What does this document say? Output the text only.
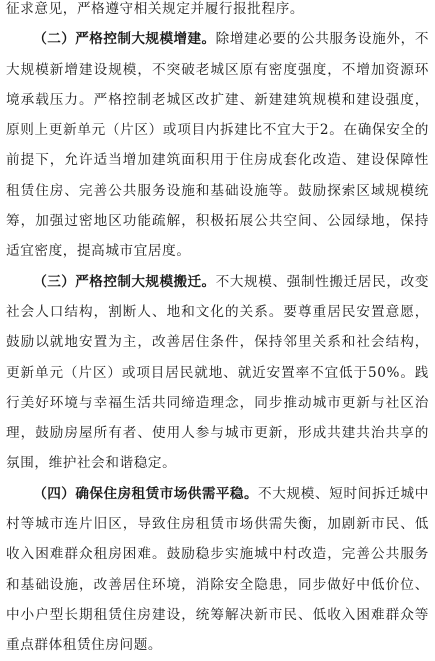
征求意见，严格遵守相关规定并履行报批程序。

（二）严格控制大规模增建。除增建必要的公共服务设施外，不大规模新增建设规模，不突破老城区原有密度强度，不增加资源环境承载压力。严格控制老城区改扩建、新建建筑规模和建设强度，原则上更新单元（片区）或项目内拆建比不宜大于2。在确保安全的前提下，允许适当增加建筑面积用于住房成套化改造、建设保障性租赁住房、完善公共服务设施和基础设施等。鼓励探索区域规模统筹，加强过密地区功能疏解，积极拓展公共空间、公园绿地，保持适宜密度，提高城市宜居度。

（三）严格控制大规模搬迁。不大规模、强制性搬迁居民，改变社会人口结构，割断人、地和文化的关系。要尊重居民安置意愿，鼓励以就地安置为主，改善居住条件，保持邻里关系和社会结构，更新单元（片区）或项目居民就地、就近安置率不宜低于50%。践行美好环境与幸福生活共同缔造理念，同步推动城市更新与社区治理，鼓励房屋所有者、使用人参与城市更新，形成共建共治共享的氛围，维护社会和谐稳定。

（四）确保住房租赁市场供需平稳。不大规模、短时间拆迁城中村等城市连片旧区，导致住房租赁市场供需失衡，加剧新市民、低收入困难群众租房困难。鼓励稳步实施城中村改造，完善公共服务和基础设施，改善居住环境，消除安全隐患，同步做好中低价位、中小户型长期租赁住房建设，统筹解决新市民、低收入困难群众等重点群体租赁住房问题。
